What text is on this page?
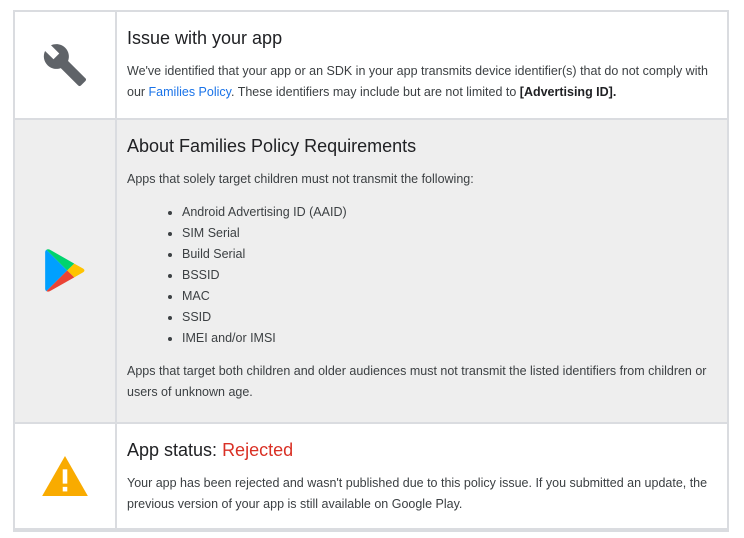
Issue with your app

We've identified that your app or an SDK in your app transmits device identifier(s) that do not comply with our Families Policy. These identifiers may include but are not limited to [Advertising ID].

About Families Policy Requirements

Apps that solely target children must not transmit the following:

• Android Advertising ID (AAID)
• SIM Serial
• Build Serial
• BSSID
• MAC
• SSID
• IMEI and/or IMSI

Apps that target both children and older audiences must not transmit the listed identifiers from children or users of unknown age.

App status: Rejected

Your app has been rejected and wasn't published due to this policy issue. If you submitted an update, the previous version of your app is still available on Google Play.
